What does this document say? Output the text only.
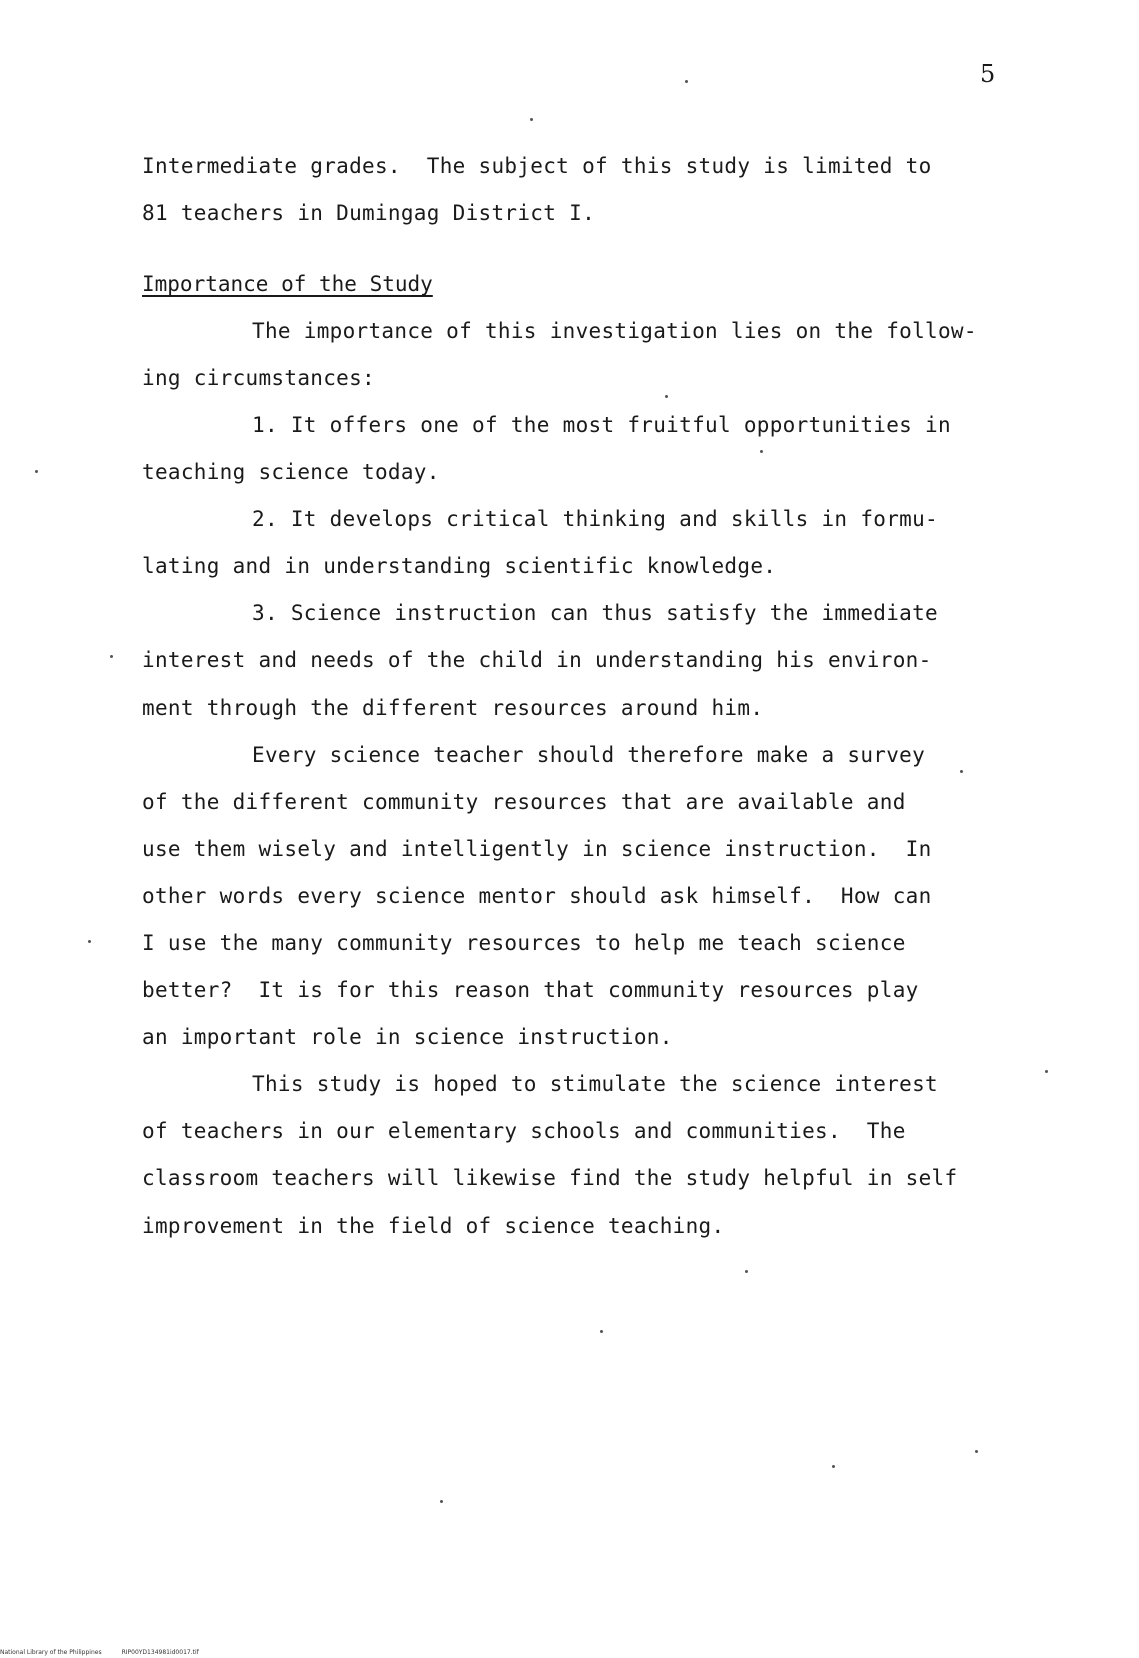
5
Intermediate grades.  The subject of this study is limited to
81 teachers in Dumingag District I.
Importance of the Study
The importance of this investigation lies on the follow-
ing circumstances:
1. It offers one of the most fruitful opportunities in
teaching science today.
2. It develops critical thinking and skills in formu-
lating and in understanding scientific knowledge.
3. Science instruction can thus satisfy the immediate
interest and needs of the child in understanding his environ-
ment through the different resources around him.
Every science teacher should therefore make a survey
of the different community resources that are available and
use them wisely and intelligently in science instruction.  In
other words every science mentor should ask himself.  How can
I use the many community resources to help me teach science
better?  It is for this reason that community resources play
an important role in science instruction.
This study is hoped to stimulate the science interest
of teachers in our elementary schools and communities.  The
classroom teachers will likewise find the study helpful in self
improvement in the field of science teaching.
National Library of the Philippines	RIP00YD134981id0017.tif
